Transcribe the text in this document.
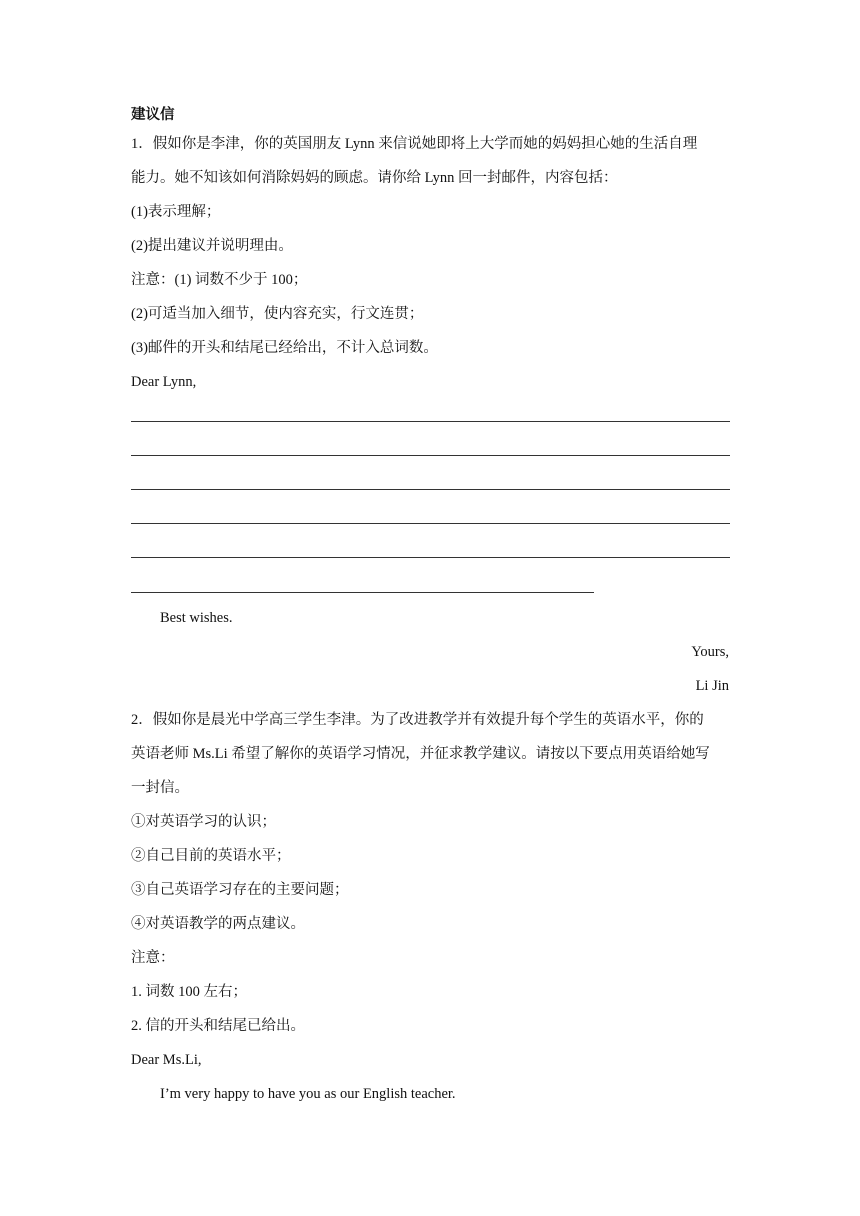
建议信
1．假如你是李津，你的英国朋友 Lynn 来信说她即将上大学而她的妈妈担心她的生活自理
能力。她不知该如何消除妈妈的顾虑。请你给 Lynn 回一封邮件，内容包括：
(1)表示理解；
(2)提出建议并说明理由。
注意：(1) 词数不少于 100；
(2)可适当加入细节，使内容充实，行文连贯；
(3)邮件的开头和结尾已经给出，不计入总词数。
Dear Lynn,
Best wishes.
Yours,
Li Jin
2．假如你是晨光中学高三学生李津。为了改进教学并有效提升每个学生的英语水平，你的
英语老师 Ms.Li 希望了解你的英语学习情况，并征求教学建议。请按以下要点用英语给她写
一封信。
①对英语学习的认识；
②自己目前的英语水平；
③自己英语学习存在的主要问题；
④对英语教学的两点建议。
注意：
1. 词数 100 左右；
2. 信的开头和结尾已给出。
Dear Ms.Li,
I’m very happy to have you as our English teacher.
